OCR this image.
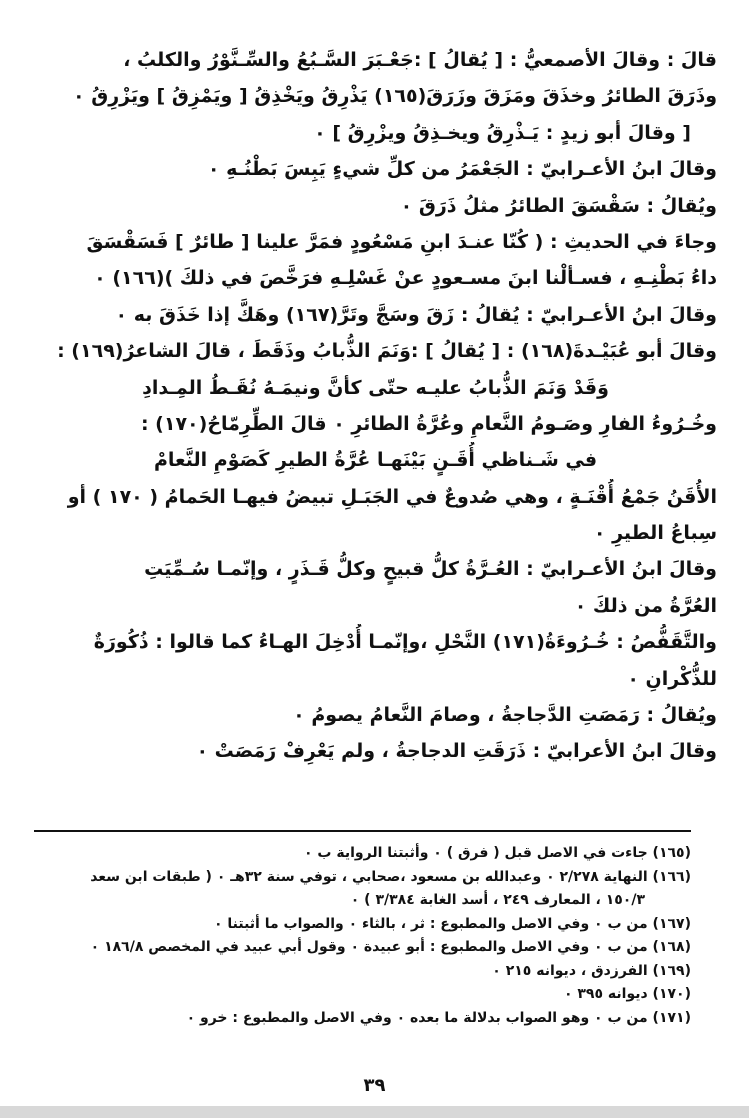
قالَ : وقالَ الأصمعيُّ : [ يُقالُ ] :جَعْـبَرَ السَّـبُعُ والسِّـنَّوْرُ والكلبُ ،
وذَرَقَ الطائرُ وخذَقَ ومَزَقَ وزَرَقَ(١٦٥) يَذْرِقُ ويَخْذِقُ [ ويَمْزِقُ ] ويَزْرِقُ ٠
[ وقالَ أبو زيدٍ : يَـذْرِقُ ويخـذِقُ ويزْرِقُ ] ٠
وقالَ ابنُ الأعـرابيّ : الجَعْمَرُ من كلِّ شيءٍ يَبِسَ بَطْنُـهِ ٠
ويُقالُ : سَقْسَقَ الطائرُ مثلُ ذَرَقَ ٠
وجاءَ في الحديثِ : ( كُنّا عنـدَ ابنِ مَسْعُودٍ فمَرَّ علينا [ طائرٌ ] فَسَقْسَقَ
داءُ بَطْنِـهِ ، فسـألْنا ابنَ مسـعودٍ عنْ غَسْلِـهِ فرَخَّصَ في ذلكَ )(١٦٦) ٠
وقالَ ابنُ الأعـرابيّ : يُقالُ : زَقَ وسَجَّ وتَرَّ(١٦٧) وهَكَّ إذا خَذَقَ به ٠
وقالَ أبو عُبَيْـدةَ(١٦٨) : [ يُقالُ ] :وَنَمَ الذُّبابُ وذَقَطَ ، قالَ الشاعرُ(١٦٩) :
وَقَدْ وَنَمَ الذُّبابُ عليـه حتّى كأنَّ ونيمَـهُ نُقَـطُ المِـدادِ
وخُـرُوءُ الفارِ وصَـومُ النَّعامِ وعُرَّةُ الطائرِ ٠ قالَ الطِّرِمّاحُ(١٧٠) :
في شَـناظي أُقَـنٍ بَيْنَهـا عُرَّةُ الطيرِ كَصَوْمِ النَّعامْ
الأُقَنُ جَمْعُ أُقْنَـةٍ ، وهي صُدوعٌ في الجَبَـلِ تبيضُ فيهـا الحَمامُ ( ١٧٠ ) أو
سِباعُ الطيرِ ٠
وقالَ ابنُ الأعـرابيّ : العُـرَّةُ كلُّ قبيحٍ وكلُّ قَـذَرٍ ، وإنّمـا سُـمِّيَتِ
العُرَّةُ من ذلكَ ٠
والتَّقَفُّصُ : خُـرُوءَةُ(١٧١) النَّحْلِ ،وإنّمـا أُدْخِلَ الهـاءُ كما قالوا : ذُكُورَةٌ
للذُّكْرانِ ٠
ويُقالُ : رَمَصَتِ الدَّجاجةُ ، وصامَ النَّعامُ يصومُ ٠
وقالَ ابنُ الأعرابيّ : ذَرَقَتِ الدجاجةُ ، ولم يَعْرِفْ رَمَصَتْ ٠
(١٦٥) جاءت في الاصل قبل ( فرق ) ٠ وأثبتنا الرواية ب ٠
(١٦٦) النهاية ٢/٢٧٨ ٠ وعبدالله بن مسعود ،صحابي ، توفي سنة ٣٢هـ ٠ ( طبقات ابن سعد
١٥٠/٣ ، المعارف ٢٤٩ ، أسد الغابة ٣/٣٨٤ ) ٠
(١٦٧) من ب ٠ وفي الاصل والمطبوع : ثر ، بالثاء ٠ والصواب ما أثبتنا ٠
(١٦٨) من ب ٠ وفي الاصل والمطبوع : أبو عبيدة ٠ وقول أبي عبيد في المخصص ١٨٦/٨ ٠
(١٦٩) الفرزدق ، ديوانه ٢١٥ ٠
(١٧٠) ديوانه ٣٩٥ ٠
(١٧١) من ب ٠ وهو الصواب بدلالة ما بعده ٠ وفي الاصل والمطبوع : خرو ٠
٣٩
